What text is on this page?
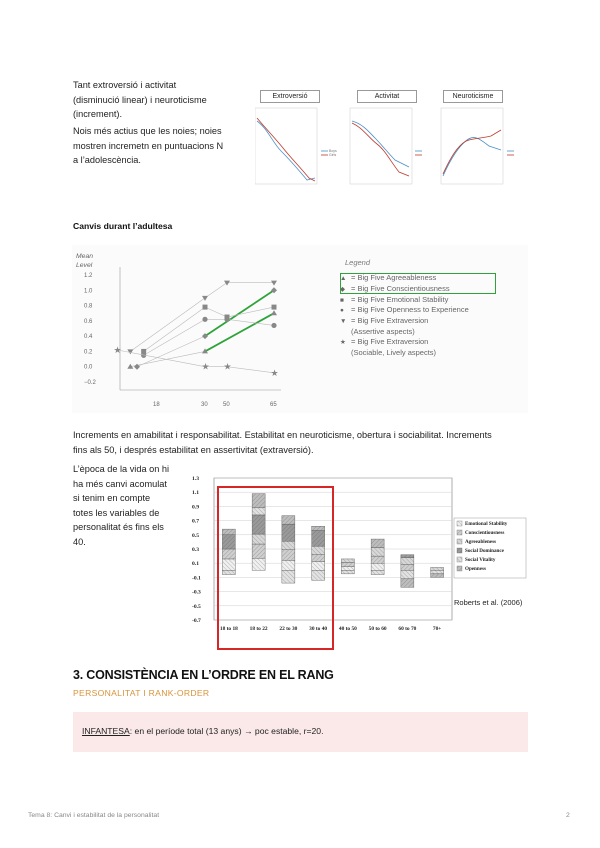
Tant extroversió i activitat
(disminució linear) i neuroticisme
(increment).
Nois més actius que les noies; noies
mostren incremetn en puntuacions N
a l’adolescència.
Extroversió	Activitat	Neuroticisme
Boys
Girls
Canvis durant l’adultesa
Mean
Level
1.2
1.0
0.8
0.6
0.4
0.2
0.0
−0.2
18	30	50	65
★
★ ★
★
Legend
▲ = Big Five Agreeableness
◆ = Big Five Conscientiousness
■ = Big Five Emotional Stability
● = Big Five Openness to Experience
▼ = Big Five Extraversion
(Assertive aspects)
★ = Big Five Extraversion
(Sociable, Lively aspects)
Increments en amabilitat i responsabilitat. Estabilitat en neuroticisme, obertura i sociabilitat. Increments
fins als 50, i després estabilitat en assertivitat (extraversió).
L’època de la vida on hi
ha més canvi acomulat
si tenim en compte
totes les variables de
personalitat és fins els
40.
1.3
1.1
0.9
0.7
0.5
0.3
0.1
-0.1
-0.3
-0.5
-0.7
18 to 18 18 to 22 22 to 30 30 to 40 40 to 50 50 to 60 60 to 70	70+
Emotional Stability
Conscientiousness
Agreeableness
Social Dominance
Social Vitality
Openness
Roberts et al. (2006)
3. CONSISTÈNCIA EN L’ORDRE EN EL RANG
PERSONALITAT I RANK-ORDER
INFANTESA: en el període total (13 anys) → poc estable, r=20.
Tema 8: Canvi i estabilitat de la personalitat	2
